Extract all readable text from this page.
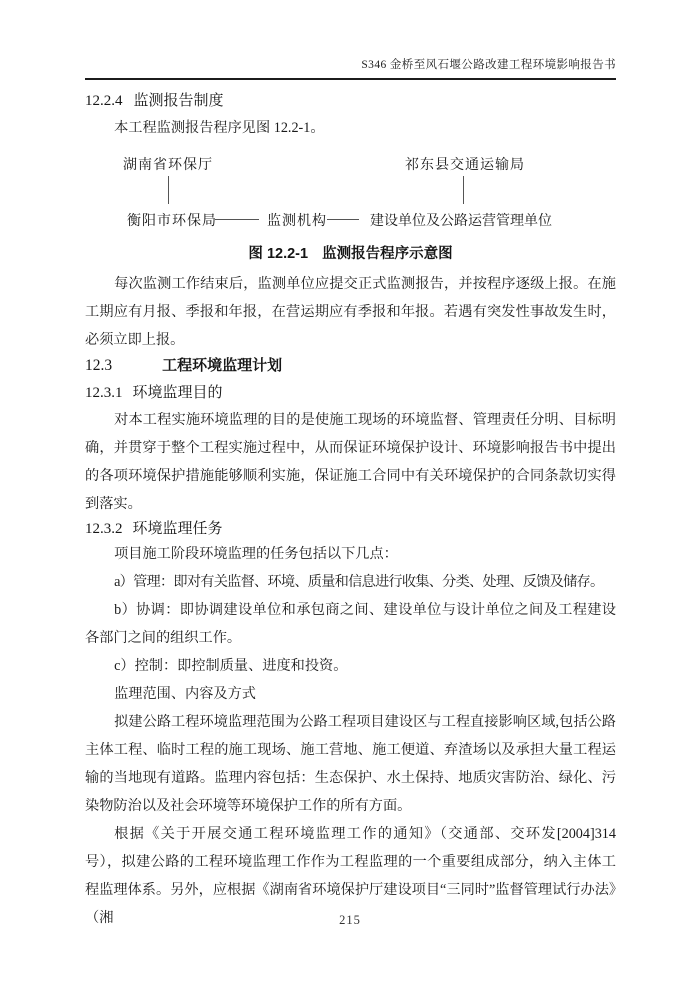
S346 金桥至风石堰公路改建工程环境影响报告书
12.2.4 监测报告制度

本工程监测报告程序见图 12.2-1。

湖南省环保厅	祁东县交通运输局
衡阳市环保局	监测机构	建设单位及公路运营管理单位
图 12.2-1 监测报告程序示意图

每次监测工作结束后，监测单位应提交正式监测报告，并按程序逐级上报。在施工期应有月报、季报和年报，在营运期应有季报和年报。若遇有突发性事故发生时，必须立即上报。

12.3	工程环境监理计划
12.3.1 环境监理目的

对本工程实施环境监理的目的是使施工现场的环境监督、管理责任分明、目标明确，并贯穿于整个工程实施过程中，从而保证环境保护设计、环境影响报告书中提出的各项环境保护措施能够顺利实施，保证施工合同中有关环境保护的合同条款切实得到落实。

12.3.2 环境监理任务

项目施工阶段环境监理的任务包括以下几点：

a）管理：即对有关监督、环境、质量和信息进行收集、分类、处理、反馈及储存。

b）协调：即协调建设单位和承包商之间、建设单位与设计单位之间及工程建设各部门之间的组织工作。

c）控制：即控制质量、进度和投资。

监理范围、内容及方式

拟建公路工程环境监理范围为公路工程项目建设区与工程直接影响区域,包括公路主体工程、临时工程的施工现场、施工营地、施工便道、弃渣场以及承担大量工程运输的当地现有道路。监理内容包括：生态保护、水土保持、地质灾害防治、绿化、污染物防治以及社会环境等环境保护工作的所有方面。

根据《关于开展交通工程环境监理工作的通知》（交通部、交环发[2004]314 号），拟建公路的工程环境监理工作作为工程监理的一个重要组成部分，纳入主体工程监理体系。另外，应根据《湖南省环境保护厅建设项目“三同时”监督管理试行办法》（湘	215
